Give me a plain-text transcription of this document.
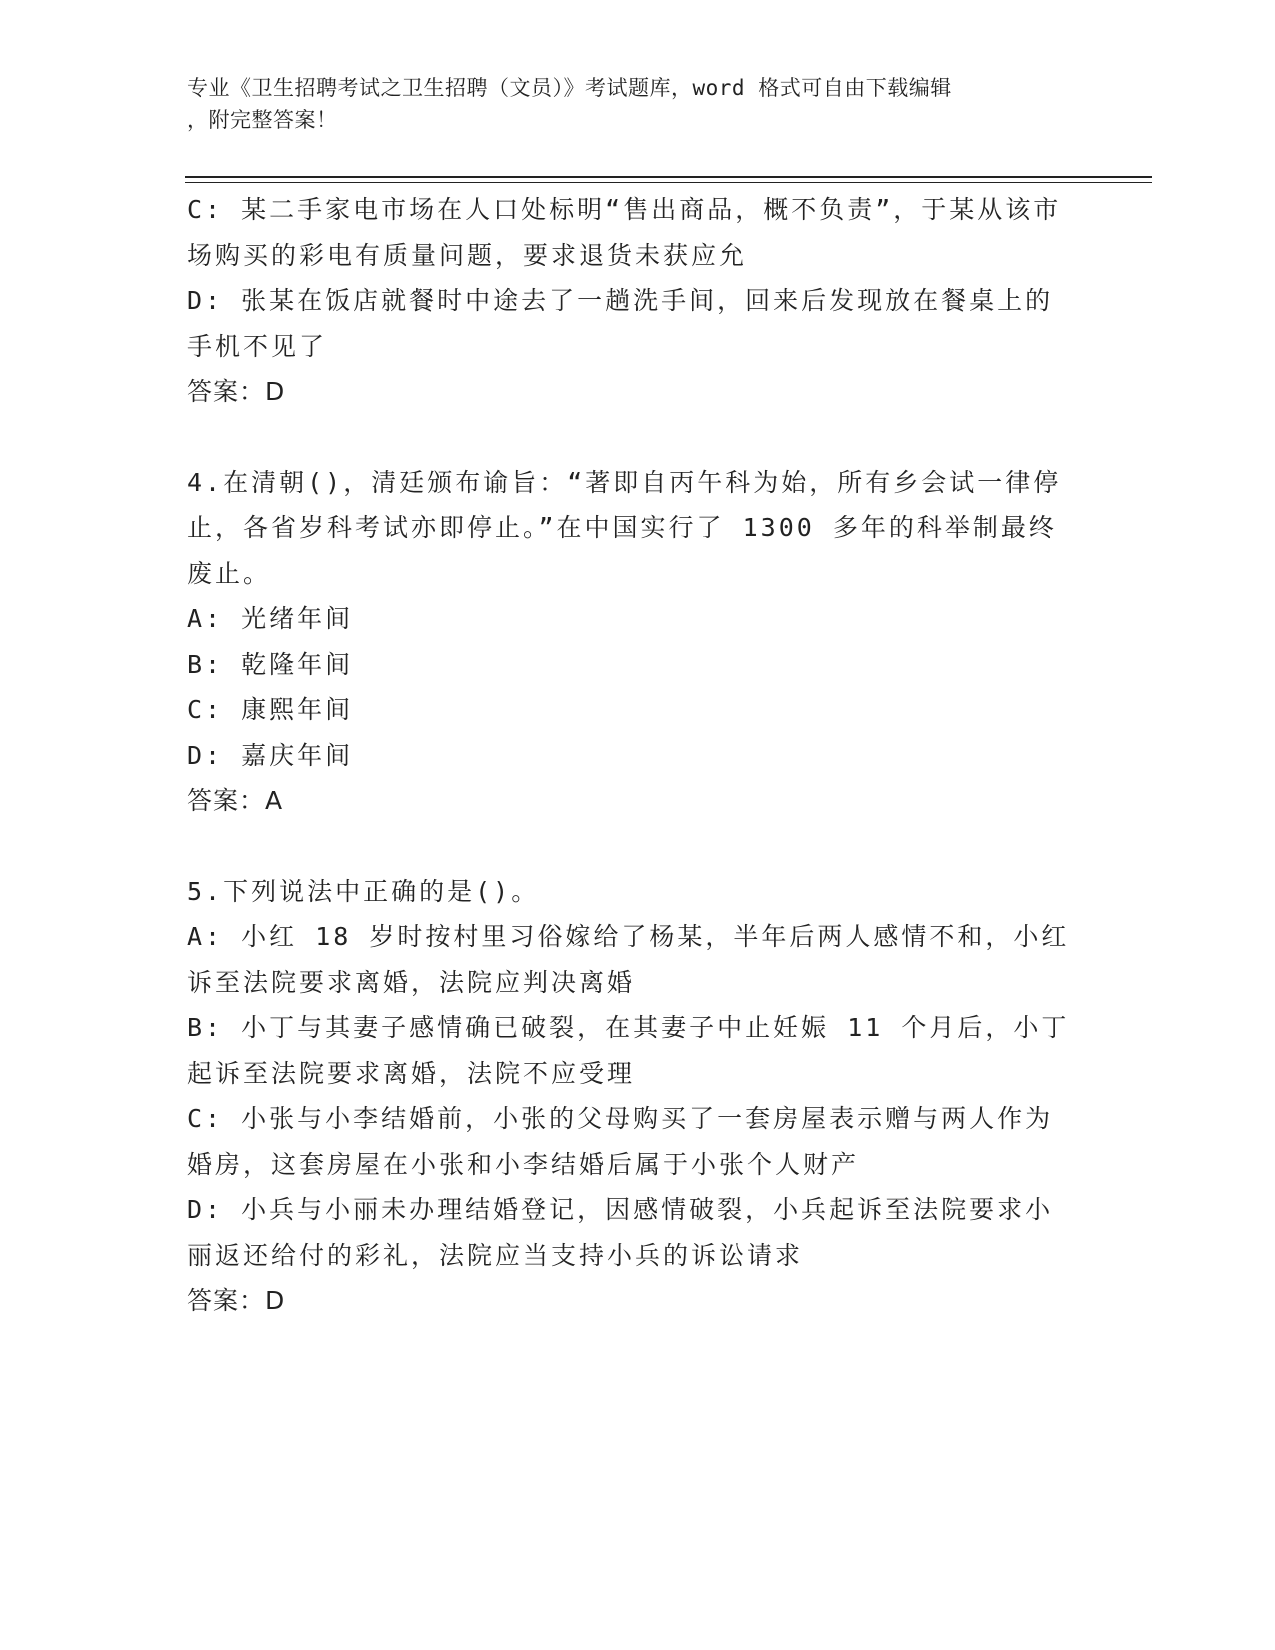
专业《卫生招聘考试之卫生招聘（文员）》考试题库，word 格式可自由下载编辑
，附完整答案！

C: 某二手家电市场在人口处标明“售出商品，概不负责”，于某从该市场购买的彩电有质量问题，要求退货未获应允

D: 张某在饭店就餐时中途去了一趟洗手间，回来后发现放在餐桌上的手机不见了

答案：D

4.在清朝()，清廷颁布谕旨：“著即自丙午科为始，所有乡会试一律停止，各省岁科考试亦即停止。”在中国实行了 1300 多年的科举制最终废止。

A: 光绪年间

B: 乾隆年间

C: 康熙年间

D: 嘉庆年间

答案：A

5.下列说法中正确的是()。

A: 小红 18 岁时按村里习俗嫁给了杨某，半年后两人感情不和，小红诉至法院要求离婚，法院应判决离婚

B: 小丁与其妻子感情确已破裂，在其妻子中止妊娠 11 个月后，小丁起诉至法院要求离婚，法院不应受理

C: 小张与小李结婚前，小张的父母购买了一套房屋表示赠与两人作为婚房，这套房屋在小张和小李结婚后属于小张个人财产

D: 小兵与小丽未办理结婚登记，因感情破裂，小兵起诉至法院要求小丽返还给付的彩礼，法院应当支持小兵的诉讼请求

答案：D
